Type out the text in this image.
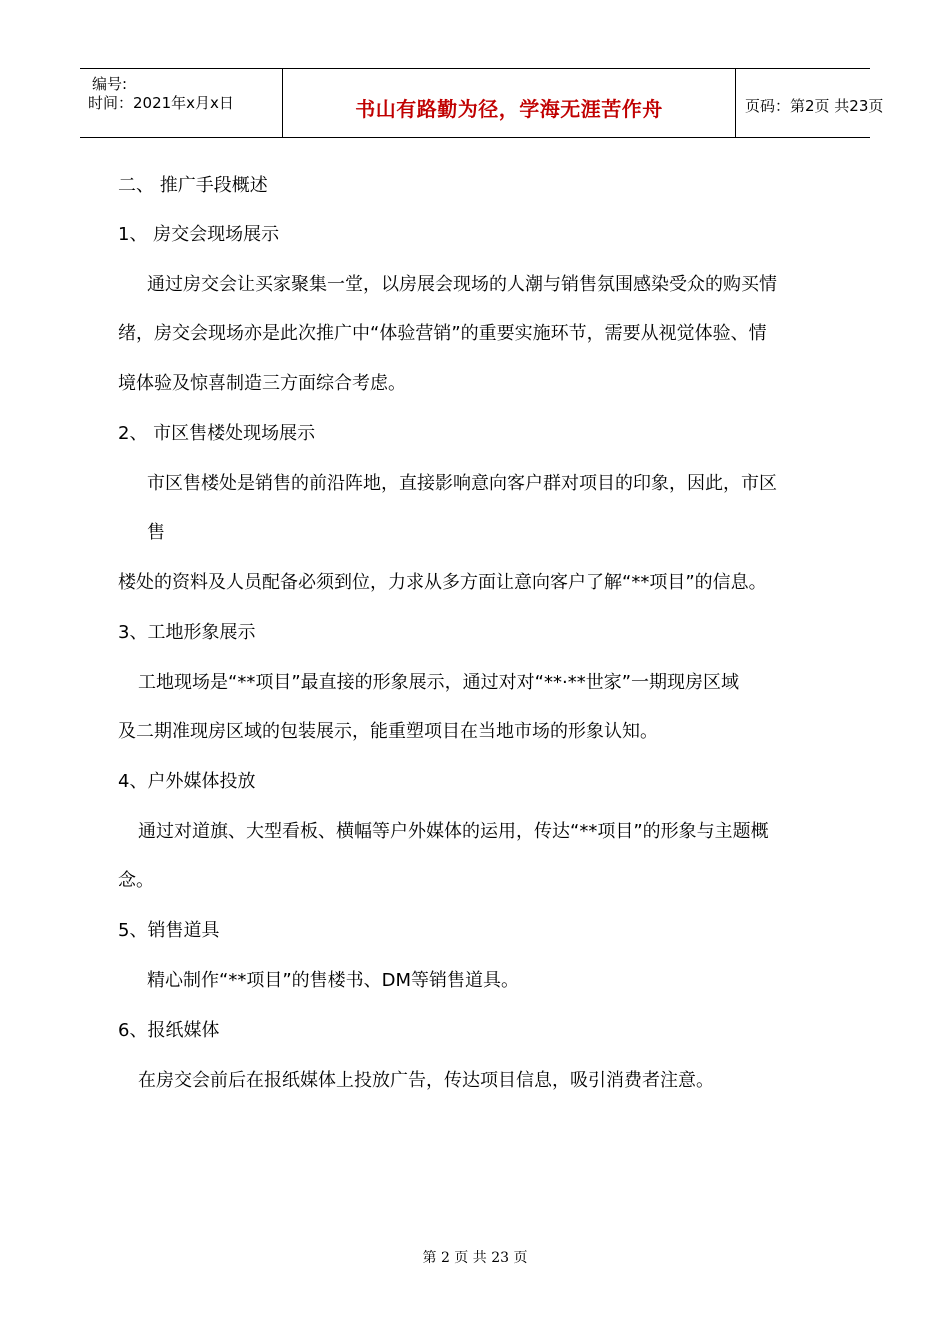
编号:
时间：2021年x月x日	书山有路勤为径，学海无涯苦作舟	页码：第2页 共23页
二、 推广手段概述
1、 房交会现场展示
通过房交会让买家聚集一堂，以房展会现场的人潮与销售氛围感染受众的购买情
绪，房交会现场亦是此次推广中“体验营销”的重要实施环节，需要从视觉体验、情
境体验及惊喜制造三方面综合考虑。
2、 市区售楼处现场展示
市区售楼处是销售的前沿阵地，直接影响意向客户群对项目的印象，因此，市区
售
楼处的资料及人员配备必须到位，力求从多方面让意向客户了解“**项目”的信息。
3、工地形象展示
工地现场是“**项目”最直接的形象展示，通过对对“**·**世家”一期现房区域
及二期准现房区域的包装展示，能重塑项目在当地市场的形象认知。
4、户外媒体投放
通过对道旗、大型看板、横幅等户外媒体的运用，传达“**项目”的形象与主题概
念。
5、销售道具
精心制作“**项目”的售楼书、DM等销售道具。
6、报纸媒体
在房交会前后在报纸媒体上投放广告，传达项目信息，吸引消费者注意。
第 2 页 共 23 页
